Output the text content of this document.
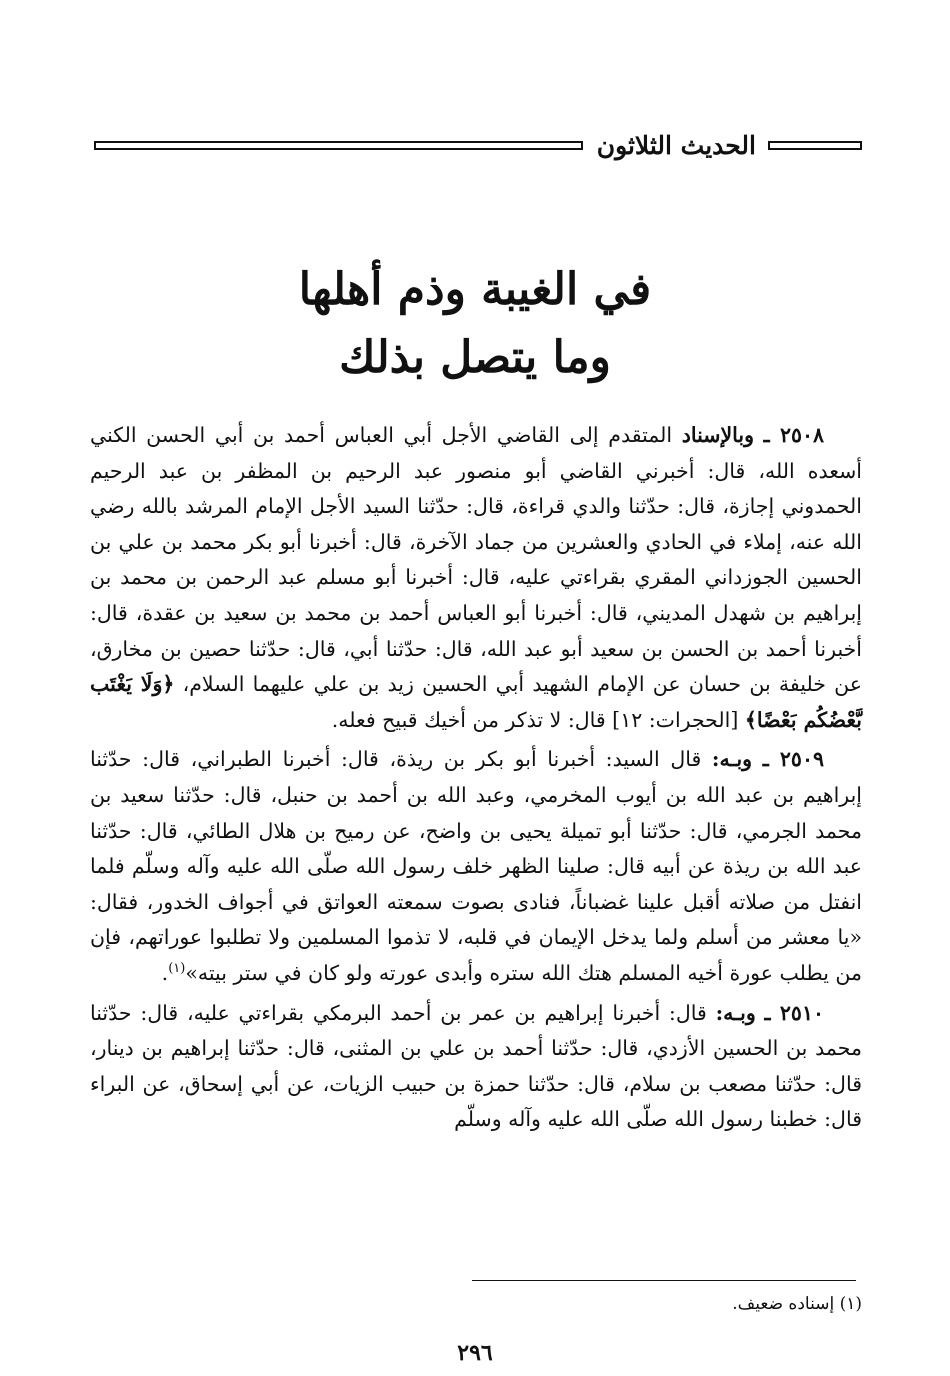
الحديث الثلاثون
في الغيبة وذم أهلها
وما يتصل بذلك

٢٥٠٨ ـ وبالإسناد المتقدم إلى القاضي الأجل أبي العباس أحمد بن أبي الحسن الكني أسعده الله، قال: أخبرني القاضي أبو منصور عبد الرحيم بن المظفر بن عبد الرحيم الحمدوني إجازة، قال: حدّثنا والدي قراءة، قال: حدّثنا السيد الأجل الإمام المرشد بالله رضي الله عنه، إملاء في الحادي والعشرين من جماد الآخرة، قال: أخبرنا أبو بكر محمد بن علي بن الحسين الجوزداني المقري بقراءتي عليه، قال: أخبرنا أبو مسلم عبد الرحمن بن محمد بن إبراهيم بن شهدل المديني، قال: أخبرنا أبو العباس أحمد بن محمد بن سعيد بن عقدة، قال: أخبرنا أحمد بن الحسن بن سعيد أبو عبد الله، قال: حدّثنا أبي، قال: حدّثنا حصين بن مخارق، عن خليفة بن حسان عن الإمام الشهيد أبي الحسين زيد بن علي عليهما السلام، ﴿وَلَا يَغْتَب بَّعْضُكُم بَعْضًا﴾ [الحجرات: ١٢] قال: لا تذكر من أخيك قبيح فعله.

٢٥٠٩ ـ وبـه: قال السيد: أخبرنا أبو بكر بن ريذة، قال: أخبرنا الطبراني، قال: حدّثنا إبراهيم بن عبد الله بن أيوب المخرمي، وعبد الله بن أحمد بن حنبل، قال: حدّثنا سعيد بن محمد الجرمي، قال: حدّثنا أبو تميلة يحيى بن واضح، عن رميح بن هلال الطائي، قال: حدّثنا عبد الله بن ريذة عن أبيه قال: صلينا الظهر خلف رسول الله صلّى الله عليه وآله وسلّم فلما انفتل من صلاته أقبل علينا غضباناً، فنادى بصوت سمعته العواتق في أجواف الخدور، فقال: «يا معشر من أسلم ولما يدخل الإيمان في قلبه، لا تذموا المسلمين ولا تطلبوا عوراتهم، فإن من يطلب عورة أخيه المسلم هتك الله ستره وأبدى عورته ولو كان في ستر بيته»$^{(١)}$.

٢٥١٠ ـ وبـه: قال: أخبرنا إبراهيم بن عمر بن أحمد البرمكي بقراءتي عليه، قال: حدّثنا محمد بن الحسين الأزدي، قال: حدّثنا أحمد بن علي بن المثنى، قال: حدّثنا إبراهيم بن دينار، قال: حدّثنا مصعب بن سلام، قال: حدّثنا حمزة بن حبيب الزيات، عن أبي إسحاق، عن البراء قال: خطبنا رسول الله صلّى الله عليه وآله وسلّم

(١) إسناده ضعيف.
٢٩٦
